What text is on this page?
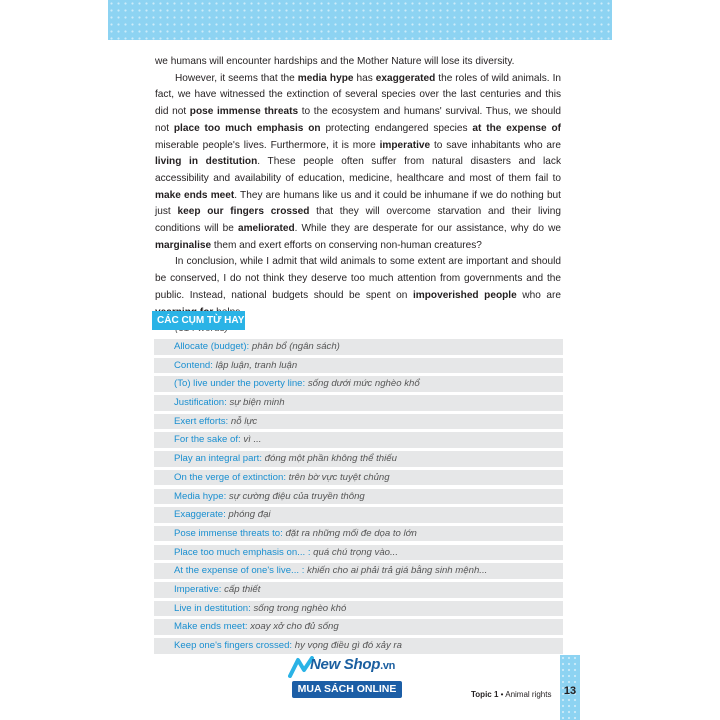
we humans will encounter hardships and the Mother Nature will lose its diversity.

However, it seems that the media hype has exaggerated the roles of wild animals. In fact, we have witnessed the extinction of several species over the last centuries and this did not pose immense threats to the ecosystem and humans' survival. Thus, we should not place too much emphasis on protecting endangered species at the expense of miserable people's lives. Furthermore, it is more imperative to save inhabitants who are living in destitution. These people often suffer from natural disasters and lack accessibility and availability of education, medicine, healthcare and most of them fail to make ends meet. They are humans like us and it could be inhumane if we do nothing but just keep our fingers crossed that they will overcome starvation and their living conditions will be ameliorated. While they are desperate for our assistance, why do we marginalise them and exert efforts on conserving non-human creatures?

In conclusion, while I admit that wild animals to some extent are important and should be conserved, I do not think they deserve too much attention from governments and the public. Instead, national budgets should be spent on impoverished people who are

CÁC CỤM TỪ HAY ✐
Allocate (budget): phân bổ (ngân sách)
Contend: lập luận, tranh luận
(To) live under the poverty line: sống dưới mức nghèo khổ
Justification: sự biện minh
Exert efforts: nỗ lực
For the sake of: vì ...
Play an integral part: đóng một phần không thể thiếu
On the verge of extinction: trên bờ vực tuyệt chủng
Media hype: sự cường điệu của truyền thông
Exaggerate: phóng đại
Pose immense threats to: đặt ra những mối đe dọa to lớn
Place too much emphasis on... : quá chú trọng vào...
At the expense of one's live... : khiến cho ai phải trả giá bằng sinh mệnh...
Imperative: cấp thiết
Live in destitution: sống trong nghèo khó
Make ends meet: xoay xở cho đủ sống
Keep one's fingers crossed: hy vọng điều gì đó xảy ra
New Shop.vn
MUA SÁCH ONLINE	Topic 1 • Animal rights	13
